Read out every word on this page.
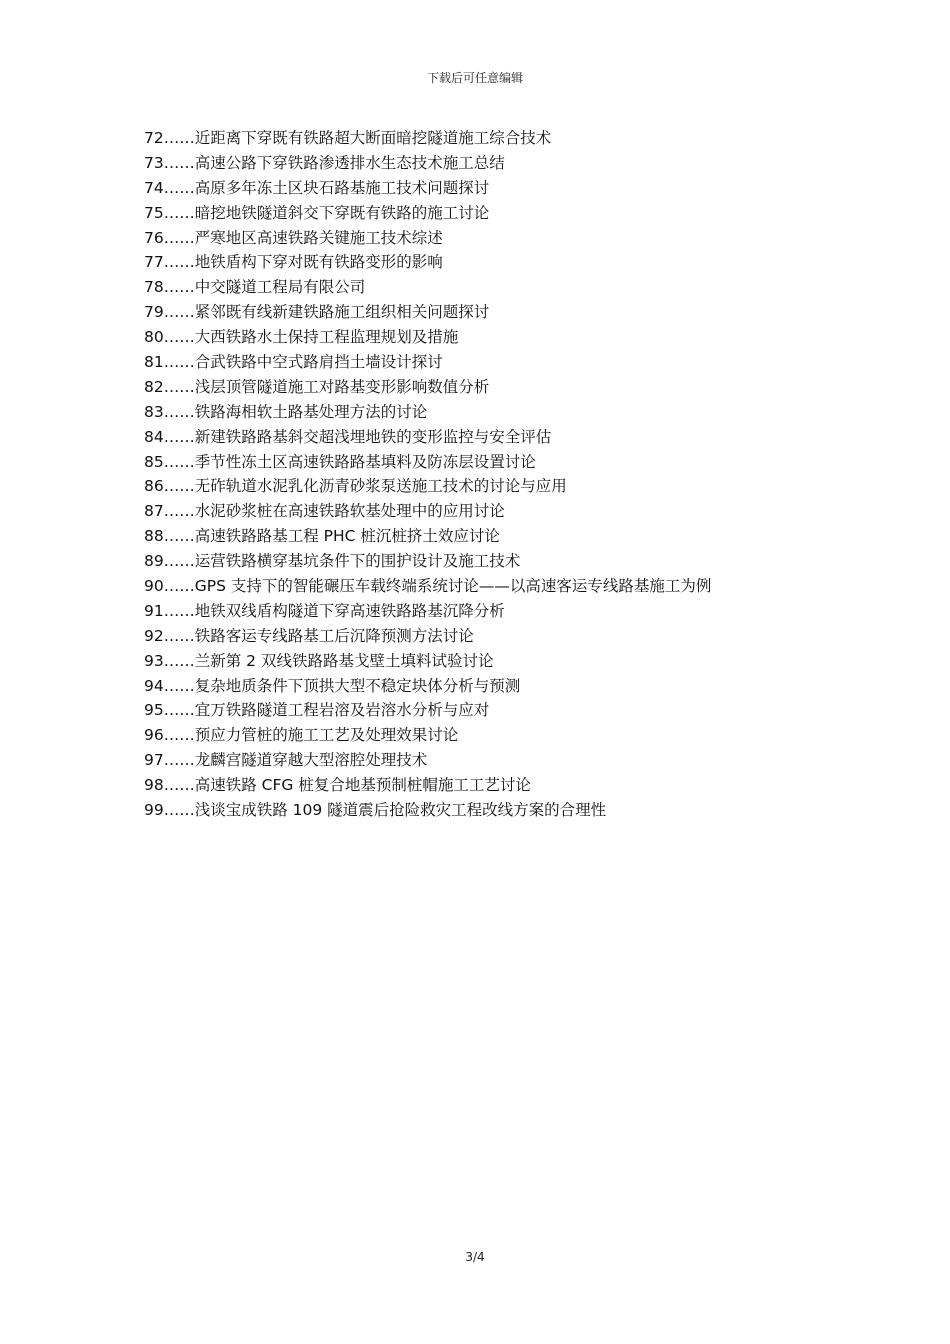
下载后可任意编辑
72……近距离下穿既有铁路超大断面暗挖隧道施工综合技术
73……高速公路下穿铁路渗透排水生态技术施工总结
74……高原多年冻土区块石路基施工技术问题探讨
75……暗挖地铁隧道斜交下穿既有铁路的施工讨论
76……严寒地区高速铁路关键施工技术综述
77……地铁盾构下穿对既有铁路变形的影响
78……中交隧道工程局有限公司
79……紧邻既有线新建铁路施工组织相关问题探讨
80……大西铁路水土保持工程监理规划及措施
81……合武铁路中空式路肩挡土墙设计探讨
82……浅层顶管隧道施工对路基变形影响数值分析
83……铁路海相软土路基处理方法的讨论
84……新建铁路路基斜交超浅埋地铁的变形监控与安全评估
85……季节性冻土区高速铁路路基填料及防冻层设置讨论
86……无砟轨道水泥乳化沥青砂浆泵送施工技术的讨论与应用
87……水泥砂浆桩在高速铁路软基处理中的应用讨论
88……高速铁路路基工程 PHC 桩沉桩挤土效应讨论
89……运营铁路横穿基坑条件下的围护设计及施工技术
90……GPS 支持下的智能碾压车载终端系统讨论——以高速客运专线路基施工为例
91……地铁双线盾构隧道下穿高速铁路路基沉降分析
92……铁路客运专线路基工后沉降预测方法讨论
93……兰新第 2 双线铁路路基戈壁土填料试验讨论
94……复杂地质条件下顶拱大型不稳定块体分析与预测
95……宜万铁路隧道工程岩溶及岩溶水分析与应对
96……预应力管桩的施工工艺及处理效果讨论
97……龙麟宫隧道穿越大型溶腔处理技术
98……高速铁路 CFG 桩复合地基预制桩帽施工工艺讨论
99……浅谈宝成铁路 109 隧道震后抢险救灾工程改线方案的合理性
3/4
